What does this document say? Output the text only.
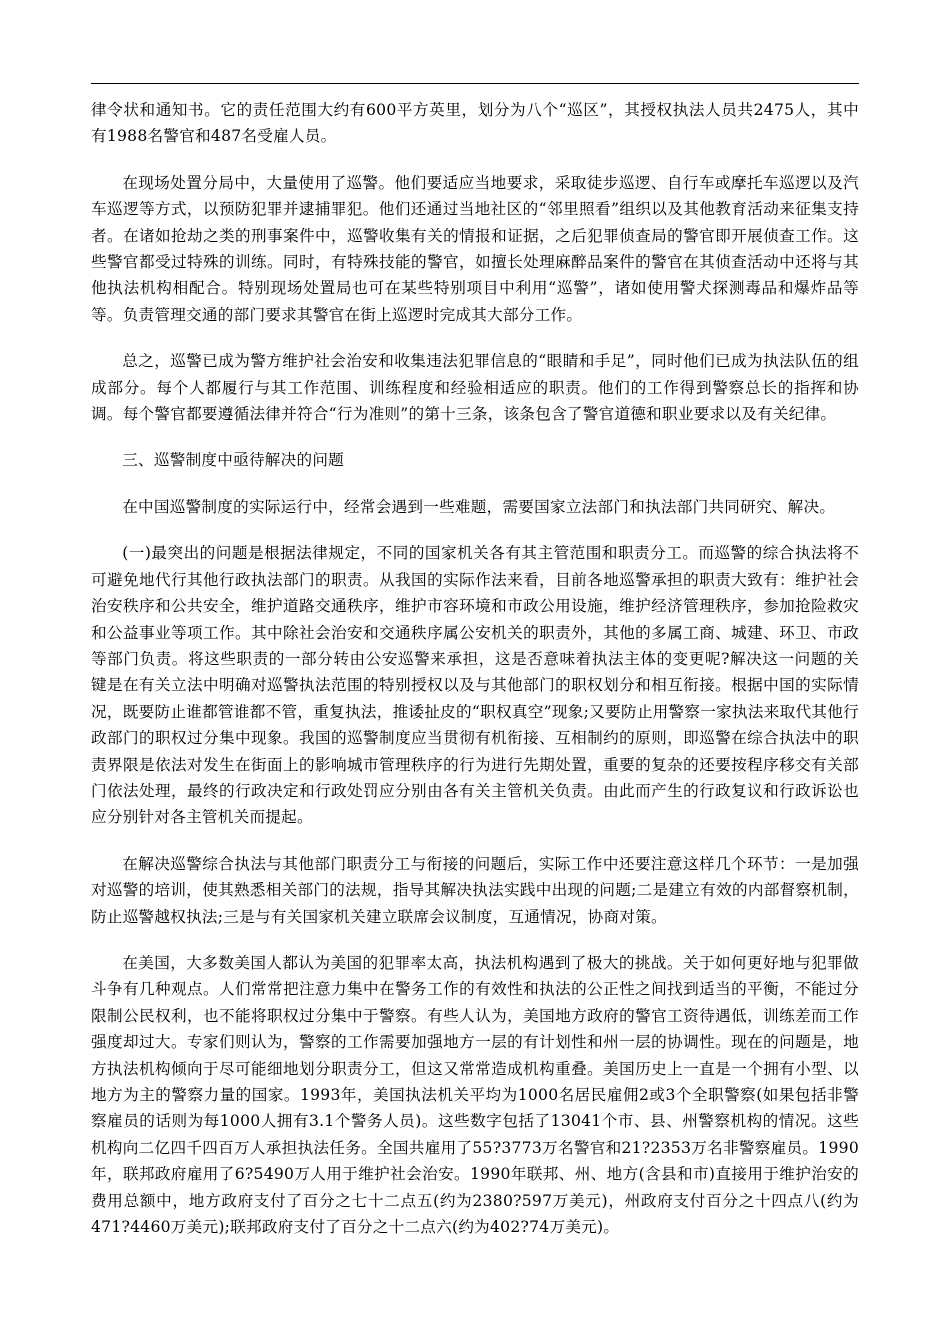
律令状和通知书。它的责任范围大约有600平方英里，划分为八个“巡区”，其授权执法人员共2475人，其中有1988名警官和487名受雇人员。

在现场处置分局中，大量使用了巡警。他们要适应当地要求，采取徒步巡逻、自行车或摩托车巡逻以及汽车巡逻等方式，以预防犯罪并逮捕罪犯。他们还通过当地社区的“邻里照看”组织以及其他教育活动来征集支持者。在诸如抢劫之类的刑事案件中，巡警收集有关的情报和证据，之后犯罪侦查局的警官即开展侦查工作。这些警官都受过特殊的训练。同时，有特殊技能的警官，如擅长处理麻醉品案件的警官在其侦查活动中还将与其他执法机构相配合。特别现场处置局也可在某些特别项目中利用“巡警”，诸如使用警犬探测毒品和爆炸品等等。负责管理交通的部门要求其警官在街上巡逻时完成其大部分工作。

总之，巡警已成为警方维护社会治安和收集违法犯罪信息的“眼睛和手足”，同时他们已成为执法队伍的组成部分。每个人都履行与其工作范围、训练程度和经验相适应的职责。他们的工作得到警察总长的指挥和协调。每个警官都要遵循法律并符合“行为准则”的第十三条，该条包含了警官道德和职业要求以及有关纪律。

三、巡警制度中亟待解决的问题

在中国巡警制度的实际运行中，经常会遇到一些难题，需要国家立法部门和执法部门共同研究、解决。

(一)最突出的问题是根据法律规定，不同的国家机关各有其主管范围和职责分工。而巡警的综合执法将不可避免地代行其他行政执法部门的职责。从我国的实际作法来看，目前各地巡警承担的职责大致有：维护社会治安秩序和公共安全，维护道路交通秩序，维护市容环境和市政公用设施，维护经济管理秩序，参加抢险救灾和公益事业等项工作。其中除社会治安和交通秩序属公安机关的职责外，其他的多属工商、城建、环卫、市政等部门负责。将这些职责的一部分转由公安巡警来承担，这是否意味着执法主体的变更呢?解决这一问题的关键是在有关立法中明确对巡警执法范围的特别授权以及与其他部门的职权划分和相互衔接。根据中国的实际情况，既要防止谁都管谁都不管，重复执法，推诿扯皮的“职权真空”现象;又要防止用警察一家执法来取代其他行政部门的职权过分集中现象。我国的巡警制度应当贯彻有机衔接、互相制约的原则，即巡警在综合执法中的职责界限是依法对发生在街面上的影响城市管理秩序的行为进行先期处置，重要的复杂的还要按程序移交有关部门依法处理，最终的行政决定和行政处罚应分别由各有关主管机关负责。由此而产生的行政复议和行政诉讼也应分别针对各主管机关而提起。

在解决巡警综合执法与其他部门职责分工与衔接的问题后，实际工作中还要注意这样几个环节：一是加强对巡警的培训，使其熟悉相关部门的法规，指导其解决执法实践中出现的问题;二是建立有效的内部督察机制，防止巡警越权执法;三是与有关国家机关建立联席会议制度，互通情况，协商对策。

在美国，大多数美国人都认为美国的犯罪率太高，执法机构遇到了极大的挑战。关于如何更好地与犯罪做斗争有几种观点。人们常常把注意力集中在警务工作的有效性和执法的公正性之间找到适当的平衡，不能过分限制公民权利，也不能将职权过分集中于警察。有些人认为，美国地方政府的警官工资待遇低，训练差而工作强度却过大。专家们则认为，警察的工作需要加强地方一层的有计划性和州一层的协调性。现在的问题是，地方执法机构倾向于尽可能细地划分职责分工，但这又常常造成机构重叠。美国历史上一直是一个拥有小型、以地方为主的警察力量的国家。1993年，美国执法机关平均为1000名居民雇佣2或3个全职警察(如果包括非警察雇员的话则为每1000人拥有3.1个警务人员)。这些数字包括了13041个市、县、州警察机构的情况。这些机构向二亿四千四百万人承担执法任务。全国共雇用了55?3773万名警官和21?2353万名非警察雇员。1990年，联邦政府雇用了6?5490万人用于维护社会治安。1990年联邦、州、地方(含县和市)直接用于维护治安的费用总额中，地方政府支付了百分之七十二点五(约为2380?597万美元)，州政府支付百分之十四点八(约为471?4460万美元);联邦政府支付了百分之十二点六(约为402?74万美元)。
